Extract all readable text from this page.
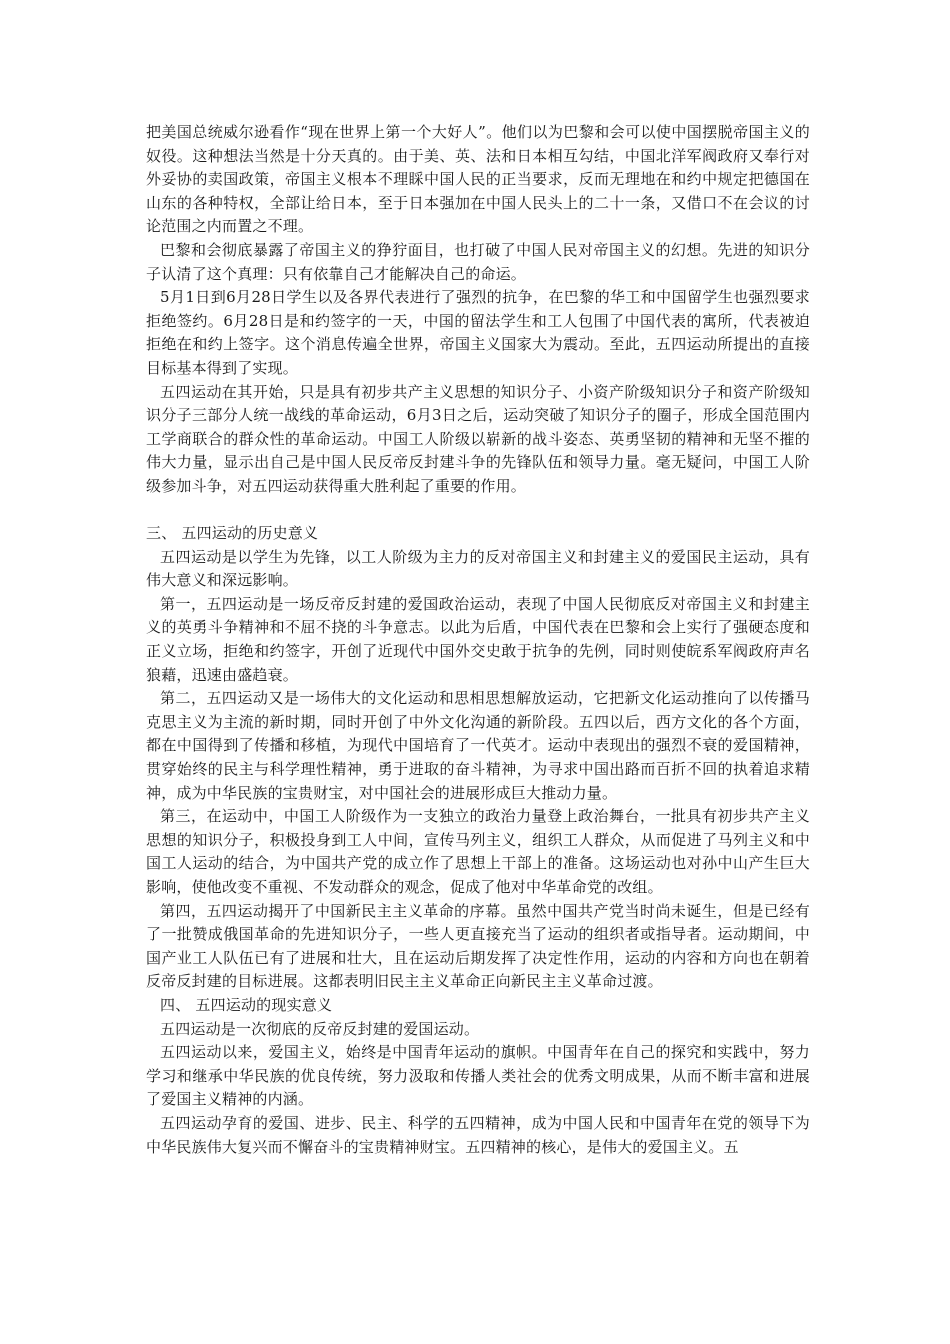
把美国总统威尔逊看作“现在世界上第一个大好人”。他们以为巴黎和会可以使中国摆脱帝国主义的奴役。这种想法当然是十分天真的。由于美、英、法和日本相互勾结，中国北洋军阀政府又奉行对外妥协的卖国政策，帝国主义根本不理睬中国人民的正当要求，反而无理地在和约中规定把德国在山东的各种特权，全部让给日本，至于日本强加在中国人民头上的二十一条，又借口不在会议的讨论范围之内而置之不理。

巴黎和会彻底暴露了帝国主义的狰狞面目，也打破了中国人民对帝国主义的幻想。先进的知识分子认清了这个真理：只有依靠自己才能解决自己的命运。

5月1日到6月28日学生以及各界代表进行了强烈的抗争，在巴黎的华工和中国留学生也强烈要求拒绝签约。6月28日是和约签字的一天，中国的留法学生和工人包围了中国代表的寓所，代表被迫拒绝在和约上签字。这个消息传遍全世界，帝国主义国家大为震动。至此，五四运动所提出的直接目标基本得到了实现。

五四运动在其开始，只是具有初步共产主义思想的知识分子、小资产阶级知识分子和资产阶级知识分子三部分人统一战线的革命运动，6月3日之后，运动突破了知识分子的圈子，形成全国范围内工学商联合的群众性的革命运动。中国工人阶级以崭新的战斗姿态、英勇坚韧的精神和无坚不摧的伟大力量，显示出自己是中国人民反帝反封建斗争的先锋队伍和领导力量。毫无疑问，中国工人阶级参加斗争，对五四运动获得重大胜利起了重要的作用。

三、 五四运动的历史意义

五四运动是以学生为先锋，以工人阶级为主力的反对帝国主义和封建主义的爱国民主运动，具有伟大意义和深远影响。

第一，五四运动是一场反帝反封建的爱国政治运动，表现了中国人民彻底反对帝国主义和封建主义的英勇斗争精神和不屈不挠的斗争意志。以此为后盾，中国代表在巴黎和会上实行了强硬态度和正义立场，拒绝和约签字，开创了近现代中国外交史敢于抗争的先例，同时则使皖系军阀政府声名狼藉，迅速由盛趋衰。

第二，五四运动又是一场伟大的文化运动和思相思想解放运动，它把新文化运动推向了以传播马克思主义为主流的新时期，同时开创了中外文化沟通的新阶段。五四以后，西方文化的各个方面，都在中国得到了传播和移植，为现代中国培育了一代英才。运动中表现出的强烈不衰的爱国精神，贯穿始终的民主与科学理性精神，勇于进取的奋斗精神，为寻求中国出路而百折不回的执着追求精神，成为中华民族的宝贵财宝，对中国社会的进展形成巨大推动力量。

第三，在运动中，中国工人阶级作为一支独立的政治力量登上政治舞台，一批具有初步共产主义思想的知识分子，积极投身到工人中间，宣传马列主义，组织工人群众，从而促进了马列主义和中国工人运动的结合，为中国共产党的成立作了思想上干部上的准备。这场运动也对孙中山产生巨大影响，使他改变不重视、不发动群众的观念，促成了他对中华革命党的改组。

第四，五四运动揭开了中国新民主主义革命的序幕。虽然中国共产党当时尚未诞生，但是已经有了一批赞成俄国革命的先进知识分子，一些人更直接充当了运动的组织者或指导者。运动期间，中国产业工人队伍已有了进展和壮大，且在运动后期发挥了决定性作用，运动的内容和方向也在朝着反帝反封建的目标进展。这都表明旧民主主义革命正向新民主主义革命过渡。

四、 五四运动的现实意义

五四运动是一次彻底的反帝反封建的爱国运动。

五四运动以来，爱国主义，始终是中国青年运动的旗帜。中国青年在自己的探究和实践中，努力学习和继承中华民族的优良传统，努力汲取和传播人类社会的优秀文明成果，从而不断丰富和进展了爱国主义精神的内涵。

五四运动孕育的爱国、进步、民主、科学的五四精神，成为中国人民和中国青年在党的领导下为中华民族伟大复兴而不懈奋斗的宝贵精神财宝。五四精神的核心，是伟大的爱国主义。五
